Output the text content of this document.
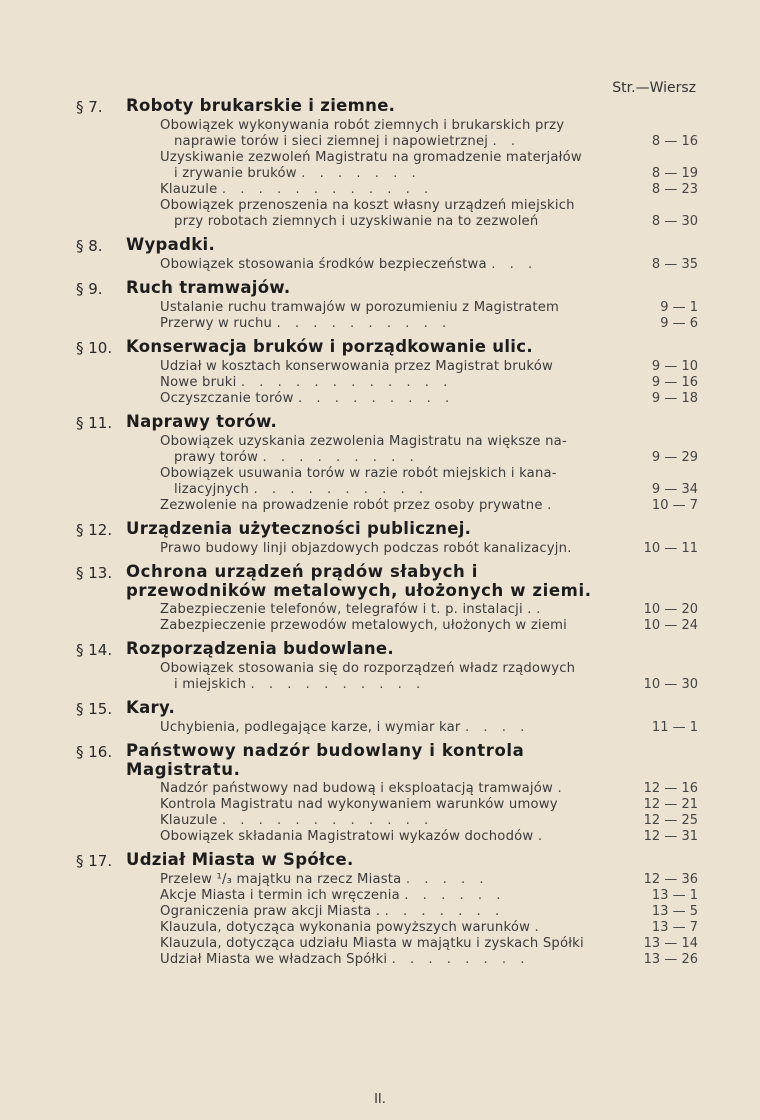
Str.—Wiersz
§ 7.	Roboty brukarskie i ziemne.
Obowiązek wykonywania robót ziemnych i brukarskich przy
naprawie torów i sieci ziemnej i napowietrznej . .	8 — 16
Uzyskiwanie zezwoleń Magistratu na gromadzenie materjałów
i zrywanie bruków . . . . . . .	8 — 19
Klauzule . . . . . . . . . . . .	8 — 23
Obowiązek przenoszenia na koszt własny urządzeń miejskich
przy robotach ziemnych i uzyskiwanie na to zezwoleń	8 — 30
§ 8.	Wypadki.
Obowiązek stosowania środków bezpieczeństwa . . .	8 — 35
§ 9.	Ruch tramwajów.
Ustalanie ruchu tramwajów w porozumieniu z Magistratem	9 — 1
Przerwy w ruchu . . . . . . . . . .	9 — 6
§ 10. Konserwacja bruków i porządkowanie ulic.
Udział w kosztach konserwowania przez Magistrat bruków	9 — 10
Nowe bruki . . . . . . . . . . . .	9 — 16
Oczyszczanie torów . . . . . . . . .	9 — 18
§ 11. Naprawy torów.
Obowiązek uzyskania zezwolenia Magistratu na większe na-
prawy torów . . . . . . . . .	9 — 29
Obowiązek usuwania torów w razie robót miejskich i kana-
lizacyjnych . . . . . . . . . .	9 — 34
Zezwolenie na prowadzenie robót przez osoby prywatne .	10 — 7
§ 12. Urządzenia użyteczności publicznej.
Prawo budowy linji objazdowych podczas robót kanalizacyjn.	10 — 11
§ 13. Ochrona urządzeń prądów słabych i przewodników metalowych, ułożonych w ziemi.
Zabezpieczenie telefonów, telegrafów i t. p. instalacji . .	10 — 20
Zabezpieczenie przewodów metalowych, ułożonych w ziemi	10 — 24
§ 14. Rozporządzenia budowlane.
Obowiązek stosowania się do rozporządzeń władz rządowych
i miejskich . . . . . . . . . .	10 — 30
§ 15. Kary.
Uchybienia, podlegające karze, i wymiar kar . . . .	11 — 1
§ 16. Państwowy nadzór budowlany i kontrola Magistratu.
Nadzór państwowy nad budową i eksploatacją tramwajów .	12 — 16
Kontrola Magistratu nad wykonywaniem warunków umowy	12 — 21
Klauzule . . . . . . . . . . . .	12 — 25
Obowiązek składania Magistratowi wykazów dochodów .	12 — 31
§ 17. Udział Miasta w Spółce.
Przelew ¹/₃ majątku na rzecz Miasta . . . . .	12 — 36
Akcje Miasta i termin ich wręczenia . . . . . .	13 — 1
Ograniczenia praw akcji Miasta . . . . . . . .	13 — 5
Klauzula, dotycząca wykonania powyższych warunków .	13 — 7
Klauzula, dotycząca udziału Miasta w majątku i zyskach Spółki	13 — 14
Udział Miasta we władzach Spółki . . . . . . . .	13 — 26
II.
